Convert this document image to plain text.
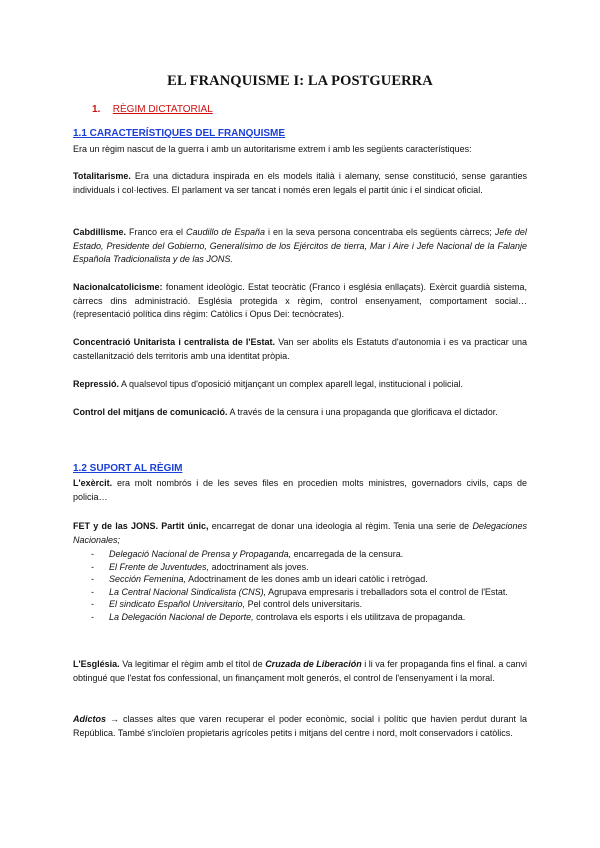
EL FRANQUISME I: LA POSTGUERRA
1. RÈGIM DICTATORIAL
1.1 CARACTERÍSTIQUES DEL FRANQUISME

Era un règim nascut de la guerra i amb un autoritarisme extrem i amb les següents característiques:

Totalitarisme. Era una dictadura inspirada en els models italià i alemany, sense constitució, sense garanties individuals i col·lectives. El parlament va ser tancat i només eren legals el partit únic i el sindicat oficial.

Cabdillisme. Franco era el Caudillo de España i en la seva persona concentraba els següents càrrecs; Jefe del Estado, Presidente del Gobierno, Generalísimo de los Ejércitos de tierra, Mar i Aire i Jefe Nacional de la Falanje Española Tradicionalista y de las JONS.

Nacionalcatolicisme: fonament ideològic. Estat teocràtic (Franco i església enllaçats). Exèrcit guardià sistema, càrrecs dins administració. Església protegida x règim, control ensenyament, comportament social… (representació política dins règim: Catòlics i Opus Dei: tecnòcrates).

Concentració Unitarista i centralista de l'Estat. Van ser abolits els Estatuts d'autonomia i es va practicar una castellanització dels territoris amb una identitat pròpia.

Repressió. A qualsevol tipus d'oposició mitjançant un complex aparell legal, institucional i policial.

Control del mitjans de comunicació. A través de la censura i una propaganda que glorificava el dictador.

1.2 SUPORT AL RÈGIM

L'exèrcit. era molt nombrós i de les seves files en procedien molts ministres, governadors civils, caps de policia…

FET y de las JONS. Partit únic, encarregat de donar una ideologia al règim. Tenia una serie de Delegaciones Nacionales;

- Delegació Nacional de Prensa y Propaganda, encarregada de la censura.
- El Frente de Juventudes, adoctrinament als joves.
- Sección Femenina, Adoctrinament de les dones amb un ideari catòlic i retrògad.
- La Central Nacional Sindicalista (CNS), Agrupava empresaris i treballadors sota el control de l'Estat.
- El sindicato Español Universitario, Pel control dels universitaris.
- La Delegación Nacional de Deporte, controlava els esports i els utilitzava de propaganda.

L'Església. Va legitimar el règim amb el títol de Cruzada de Liberación i li va fer propaganda fins el final. a canvi obtingué que l'estat fos confessional, un finançament molt generós, el control de l'ensenyament i la moral.

Adictos → classes altes que varen recuperar el poder econòmic, social i polític que havien perdut durant la República. També s'incloïen propietaris agrícoles petits i mitjans del centre i nord, molt conservadors i catòlics.
